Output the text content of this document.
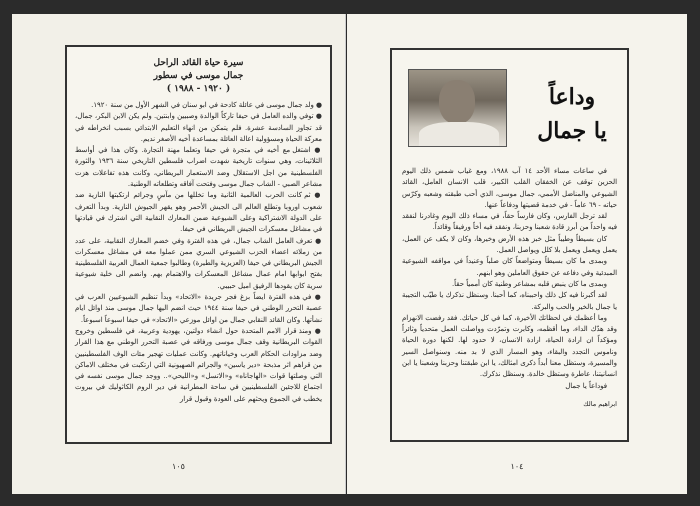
سيرة حياة القائد الراحل
جمال موسى في سطور
( ١٩٢٠ - ١٩٨٨ )

● ولد جمال موسى في عائلة كادحة في ابو سنان في الشهر الأول من سنة ١٩٢٠.

● توفي والده العامل في حيفا تاركاً الوالدة وصبيين وابنتين. ولم يكن الابن البكر، جمال، قد تجاوز السادسة عشرة. فلم يتمكن من انهاء التعليم الابتدائي بسبب انخراطه في معركة الحياة ومسؤولية اعالة العائلة بمساعدة أخيه الأصغر نديم.

● اشتغل مع أخيه في متجرة في حيفا وتعلما مهنة التجارة. وكان هذا في أواسط الثلاثينات، وهي سنوات تاريخية شهدت اضراب فلسطين التاريخي سنة ١٩٣٦ والثورة الفلسطينية من اجل الاستقلال وضد الاستعمار البريطاني، وكانت هذه تفاعلات هزت مشاعر الصبي - الشاب جمال موسى وفتحت آفاقه وتطلعاته الوطنية.

● ثم كانت الحرب العالمية الثانية وما تخللها من مآسٍ وجرائم ارتكبتها النازية ضد شعوب اوروبا وتطلع العالم الى الجيش الأحمر وهو يقهر الجيوش النازية. وبدأ التعرف على الدولة الاشتراكية وعلى الشيوعية ضمن المعارك النقابية التي اشترك في قيادتها في مشاغل معسكرات الجيش البريطاني في حيفا.

● تعرف العامل الشاب جمال، في هذه الفترة وفي خضم المعارك النقابية، على عدد من زملائه اعضاء الحزب الشيوعي السري ممن عملوا معه في مشاغل معسكرات الجيش البريطاني في حيفا (العزيزية والطيرة) وطالبوا جمعية العمال العربية الفلسطينية بفتح ابوابها امام عمال مشاغل المعسكرات والاهتمام بهم. وانضم الى خلية شيوعية سرية كان يقودها الرفيق اميل حبيبي.

● في هذه الفترة ايضاً بزغ فجر جريدة «الاتحاد» وبدأ تنظيم الشيوعيين العرب في عصبة التحرر الوطني في حيفا سنة ١٩٤٤ حيث انضم اليها جمال موسى منذ اوائل ايام نشأتها. وكان القائد النقابي جمال من اوائل موزعي «الاتحاد» في حيفا اسبوعاً اسبوعاً.

● ومنذ قرار الامم المتحدة حول انشاء دولتين، يهودية وعربية، في فلسطين وخروج القوات البريطانية وقف جمال موسى ورفاقه في عصبة التحرر الوطني مع هذا القرار وضد مزاودات الحكام العرب وخياناتهم. وكانت عمليات تهجير مئات الوف الفلسطينيين من قراهم اثر مذبحة «دير ياسين» والجرائم الصهيونية التي ارتكبت في مختلف الاماكن التي وصلتها قوات «الهاجاناه» و«الاتسل» و«الليحي».. ووجد جمال موسى نفسه في اجتماع للاجئين الفلسطينيين في ساحة المطرانية في دير الروم الكاثوليك في بيروت يخطب في الجموع ويحثهم على العودة وقبول قرار

١٠٥
وداعاً
يا جمال

في ساعات مساء الأحد ١٤ آب ١٩٨٨، ومع غياب شمس ذلك اليوم الحزين توقف عن الخفقان القلب الكبير، قلب الانسان العامل، القائد الشيوعي والمناضل الأممي، جمال موسى، الذي أحب طبقته وشعبه وكرّس حياته - ٦٩ عاماً - في خدمة قضيتها ودفاعاً عنها.

لقد ترجل الفارس، وكان فارساً حقاً، في مساء ذلك اليوم وغادرنا لنفقد فيه واحداً من أبرز قادة شعبنا وحزبنا، ونفقد فيه أخاً ورفيقاً وقائداً.

كان بسيطاً وطيباً مثل خبز هذه الأرض وخيرها، وكان لا يكف عن العمل، يعمل ويعمل ويعمل بلا كلل ويواصل العمل.

وبمدى ما كان بسيطاً ومتواضعاً كان صلباً وعنيداً في مواقفه الشيوعية المبدئية وفي دفاعه عن حقوق العاملين وهو ابنهم.

وبمدى ما كان ينبض قلبه بمشاعر وطنية كان أممياً حقاً.

لقد أكبرنا فيه كل ذلك واحببناه، كما أحبنا. وسنظل نذكرك يا طيّب التجيبة يا جمال بالخير والحب والبركة.

وما أعظمك في لحظاتك الأخيرة، كما في كل حياتك. فقد رفضت الانهزام وقد هدّك الداء، وما أقظمه، وكابرت وتمرّدت وواصلت العمل متحدياً وثائراً ومؤكداً ان ارادة الحياة، ارادة الانسان، لا حدود لها. لكنها دورة الحياة وناموس التجدد والبقاء، وهو المسار الذي لا بد منه. وسنواصل السير والمسيرة، وستظل معنا أبداً ذكرى امثالك، يا ابن طبقتنا وحزبنا وشعبنا يا ابن انسانيتنا، عاطرة وستظل خالدة. وسنظل نذكرك.

فوداعاً يا جمال

ابراهيم مالك
١٠٤
